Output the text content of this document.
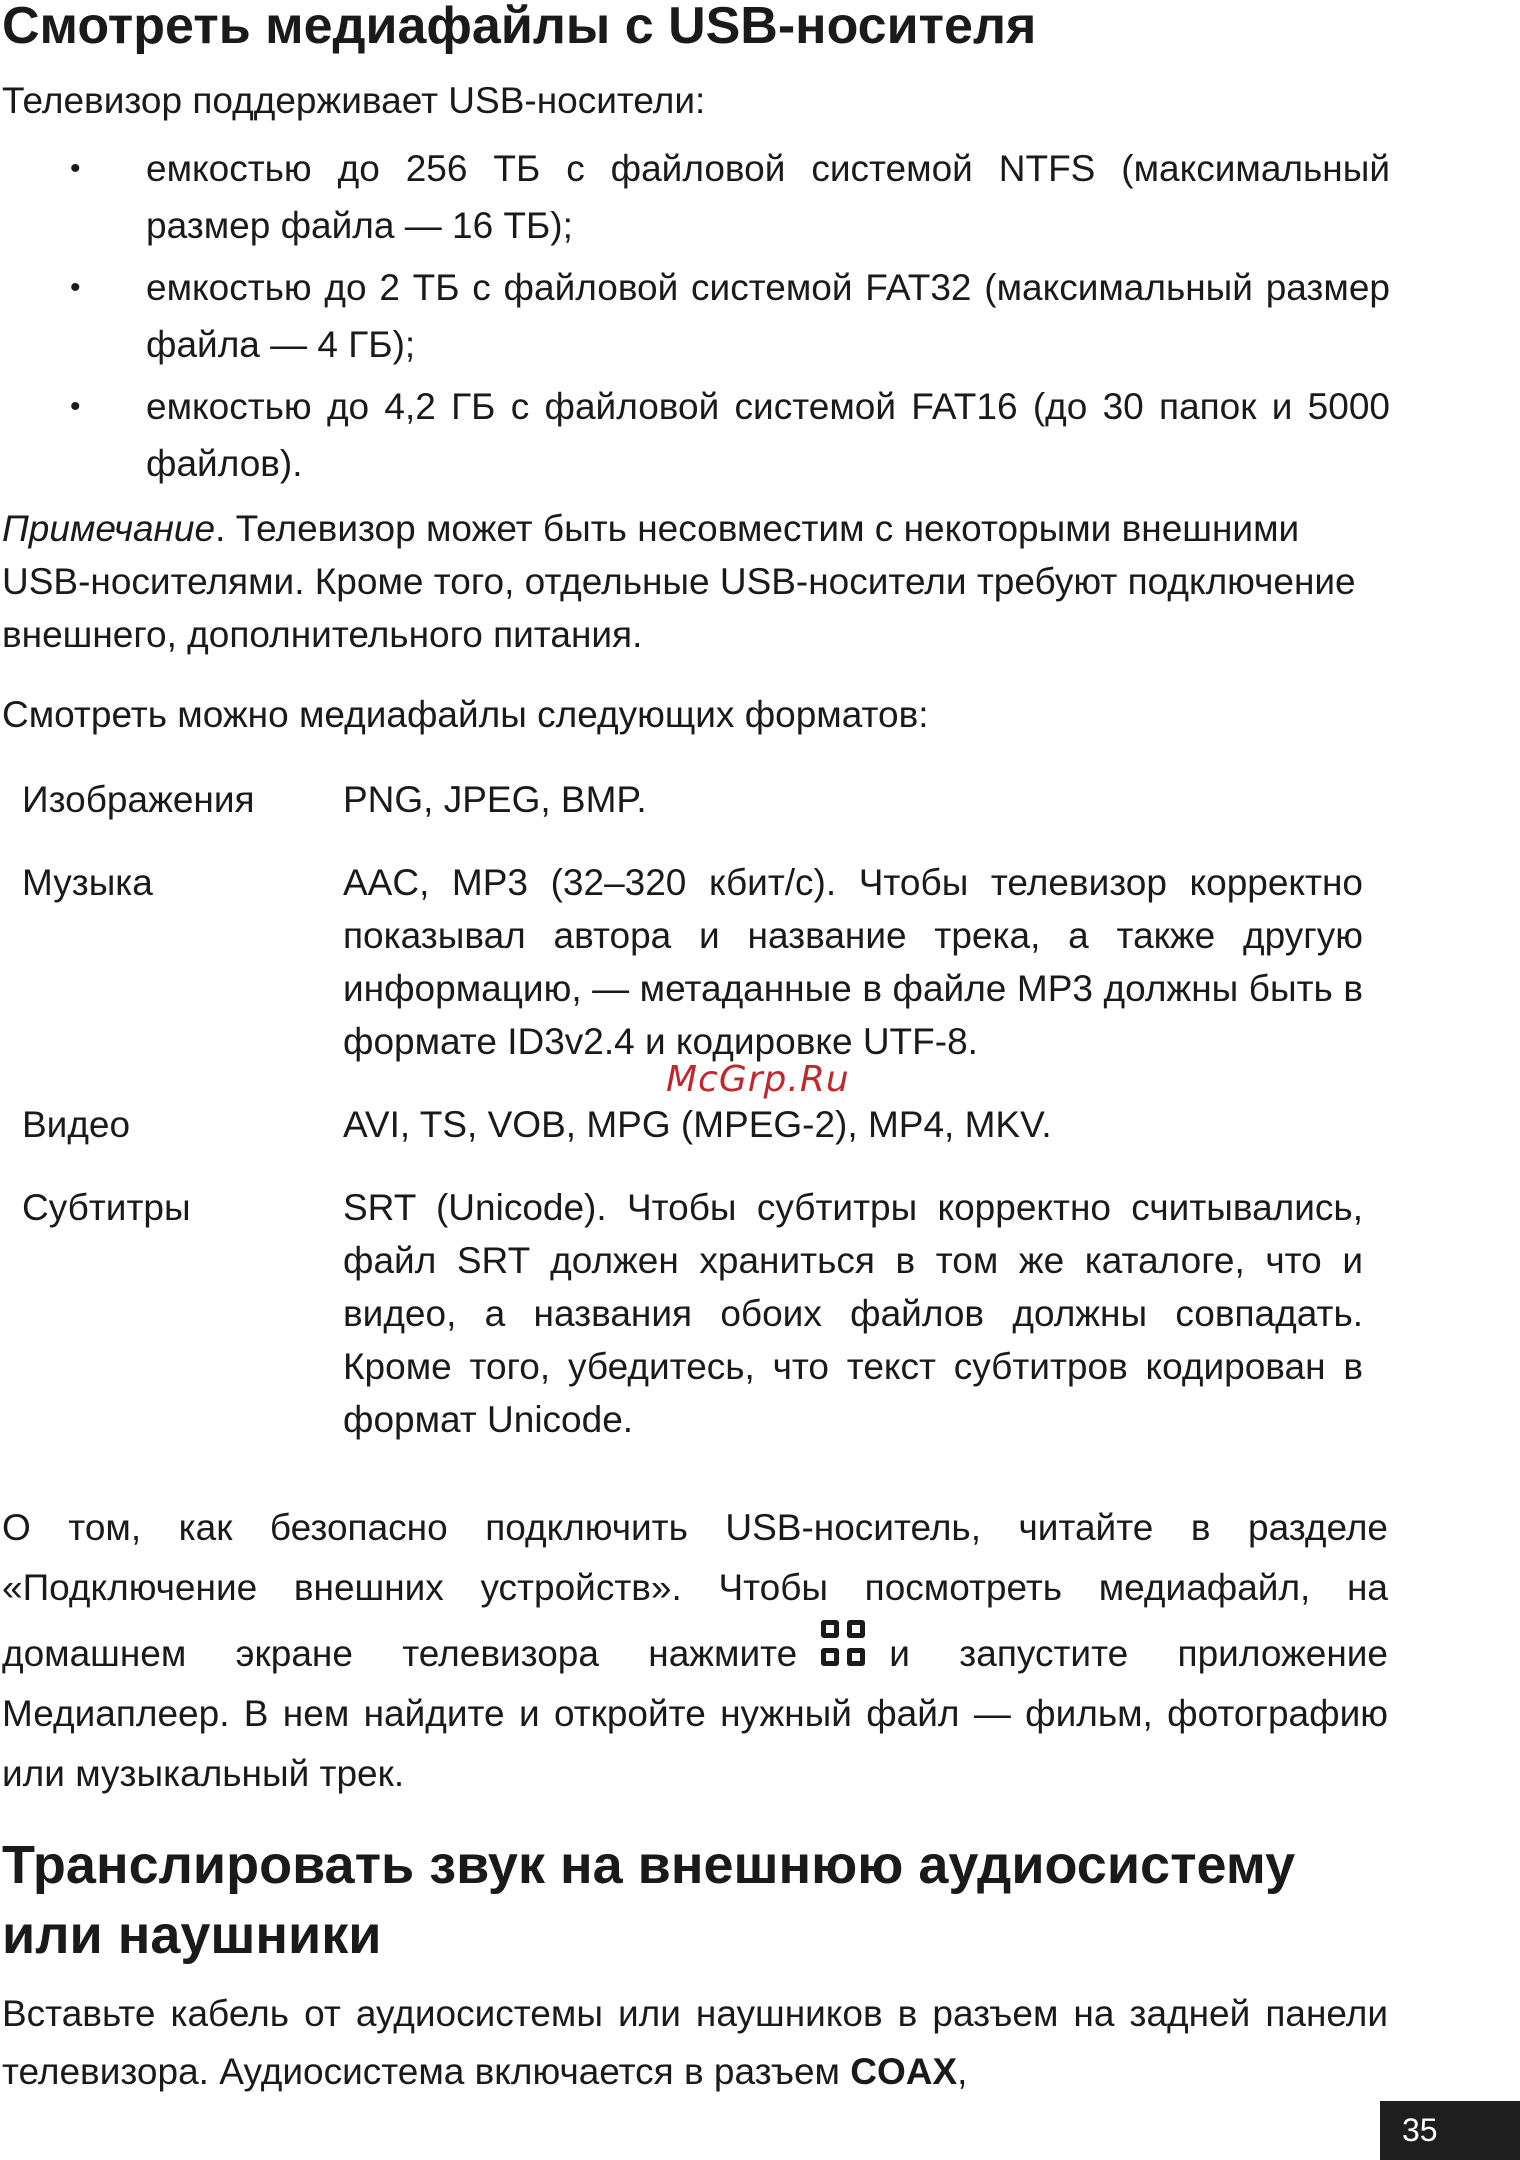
Смотреть медиафайлы с USB-носителя

Телевизор поддерживает USB-носители:

• емкостью до 256 ТБ с файловой системой NTFS (максимальный размер файла — 16 ТБ);
• емкостью до 2 ТБ с файловой системой FAT32 (максимальный размер файла — 4 ГБ);
• емкостью до 4,2 ГБ с файловой системой FAT16 (до 30 папок и 5000 файлов).

Примечание. Телевизор может быть несовместим с некоторыми внешними USB-носителями. Кроме того, отдельные USB-носители требуют подключение внешнего, дополнительного питания.

Смотреть можно медиафайлы следующих форматов:

Изображения PNG, JPEG, BMP.
Музыка	AAC, MP3 (32–320 кбит/с). Чтобы телевизор корректно показывал автора и название трека, а также другую информацию, — метаданные в файле MP3 должны быть в формате ID3v2.4 и кодировке UTF-8.
Видео	AVI, TS, VOB, MPG (MPEG-2), MP4, MKV.
Субтитры	SRT (Unicode). Чтобы субтитры корректно считывались, файл SRT должен храниться в том же каталоге, что и видео, а названия обоих файлов должны совпадать. Кроме того, убедитесь, что текст субтитров кодирован в формат Unicode.

О том, как безопасно подключить USB-носитель, читайте в разделе «Подключение внешних устройств». Чтобы посмотреть медиафайл, на домашнем экране телевизора нажмите и запустите приложение Медиаплеер. В нем найдите и откройте нужный файл — фильм, фотографию или музыкальный трек.

Транслировать звук на внешнюю аудиосистему или наушники

Вставьте кабель от аудиосистемы или наушников в разъем на задней панели телевизора. Аудиосистема включается в разъем COAX,

McGrp.Ru
35
